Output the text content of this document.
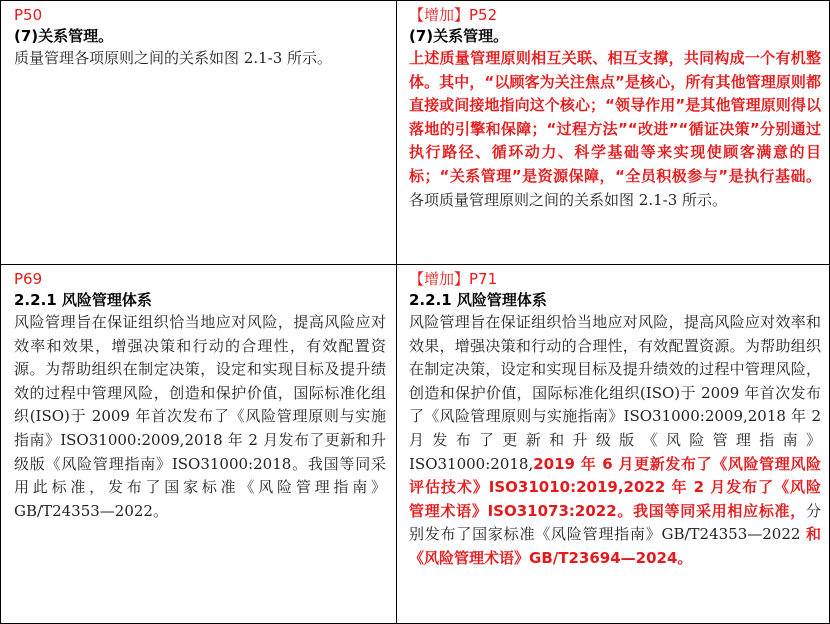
P50
(7)关系管理。
质量管理各项原则之间的关系如图 2.1-3 所示。
【增加】P52
(7)关系管理。
上述质量管理原则相互关联、相互支撑，共同构成一个有机整体。其中，“以顾客为关注焦点”是核心，所有其他管理原则都直接或间接地指向这个核心；“领导作用”是其他管理原则得以落地的引擎和保障；“过程方法”“改进”“循证决策”分别通过执行路径、循环动力、科学基础等来实现使顾客满意的目标；“关系管理”是资源保障，“全员积极参与”是执行基础。各项质量管理原则之间的关系如图 2.1-3 所示。
P69
2.2.1 风险管理体系
风险管理旨在保证组织恰当地应对风险，提高风险应对效率和效果，增强决策和行动的合理性，有效配置资源。为帮助组织在制定决策，设定和实现目标及提升绩效的过程中管理风险，创造和保护价值，国际标准化组织(ISO)于 2009 年首次发布了《风险管理原则与实施指南》ISO31000:2009,2018 年 2 月发布了更新和升级版《风险管理指南》ISO31000:2018。我国等同采用此标准，发布了国家标准《风险管理指南》GB/T24353—2022。
【增加】P71
2.2.1 风险管理体系
风险管理旨在保证组织恰当地应对风险，提高风险应对效率和效果，增强决策和行动的合理性，有效配置资源。为帮助组织在制定决策，设定和实现目标及提升绩效的过程中管理风险，创造和保护价值，国际标准化组织(ISO)于 2009 年首次发布了《风险管理原则与实施指南》ISO31000:2009,2018 年 2 月发布了更新和升级版《风险管理指南》ISO31000:2018,2019 年 6 月更新发布了《风险管理风险评估技术》ISO31010:2019,2022 年 2 月发布了《风险管理术语》ISO31073:2022。我国等同采用相应标准，分别发布了国家标准《风险管理指南》GB/T24353—2022 和《风险管理术语》GB/T23694—2024。
